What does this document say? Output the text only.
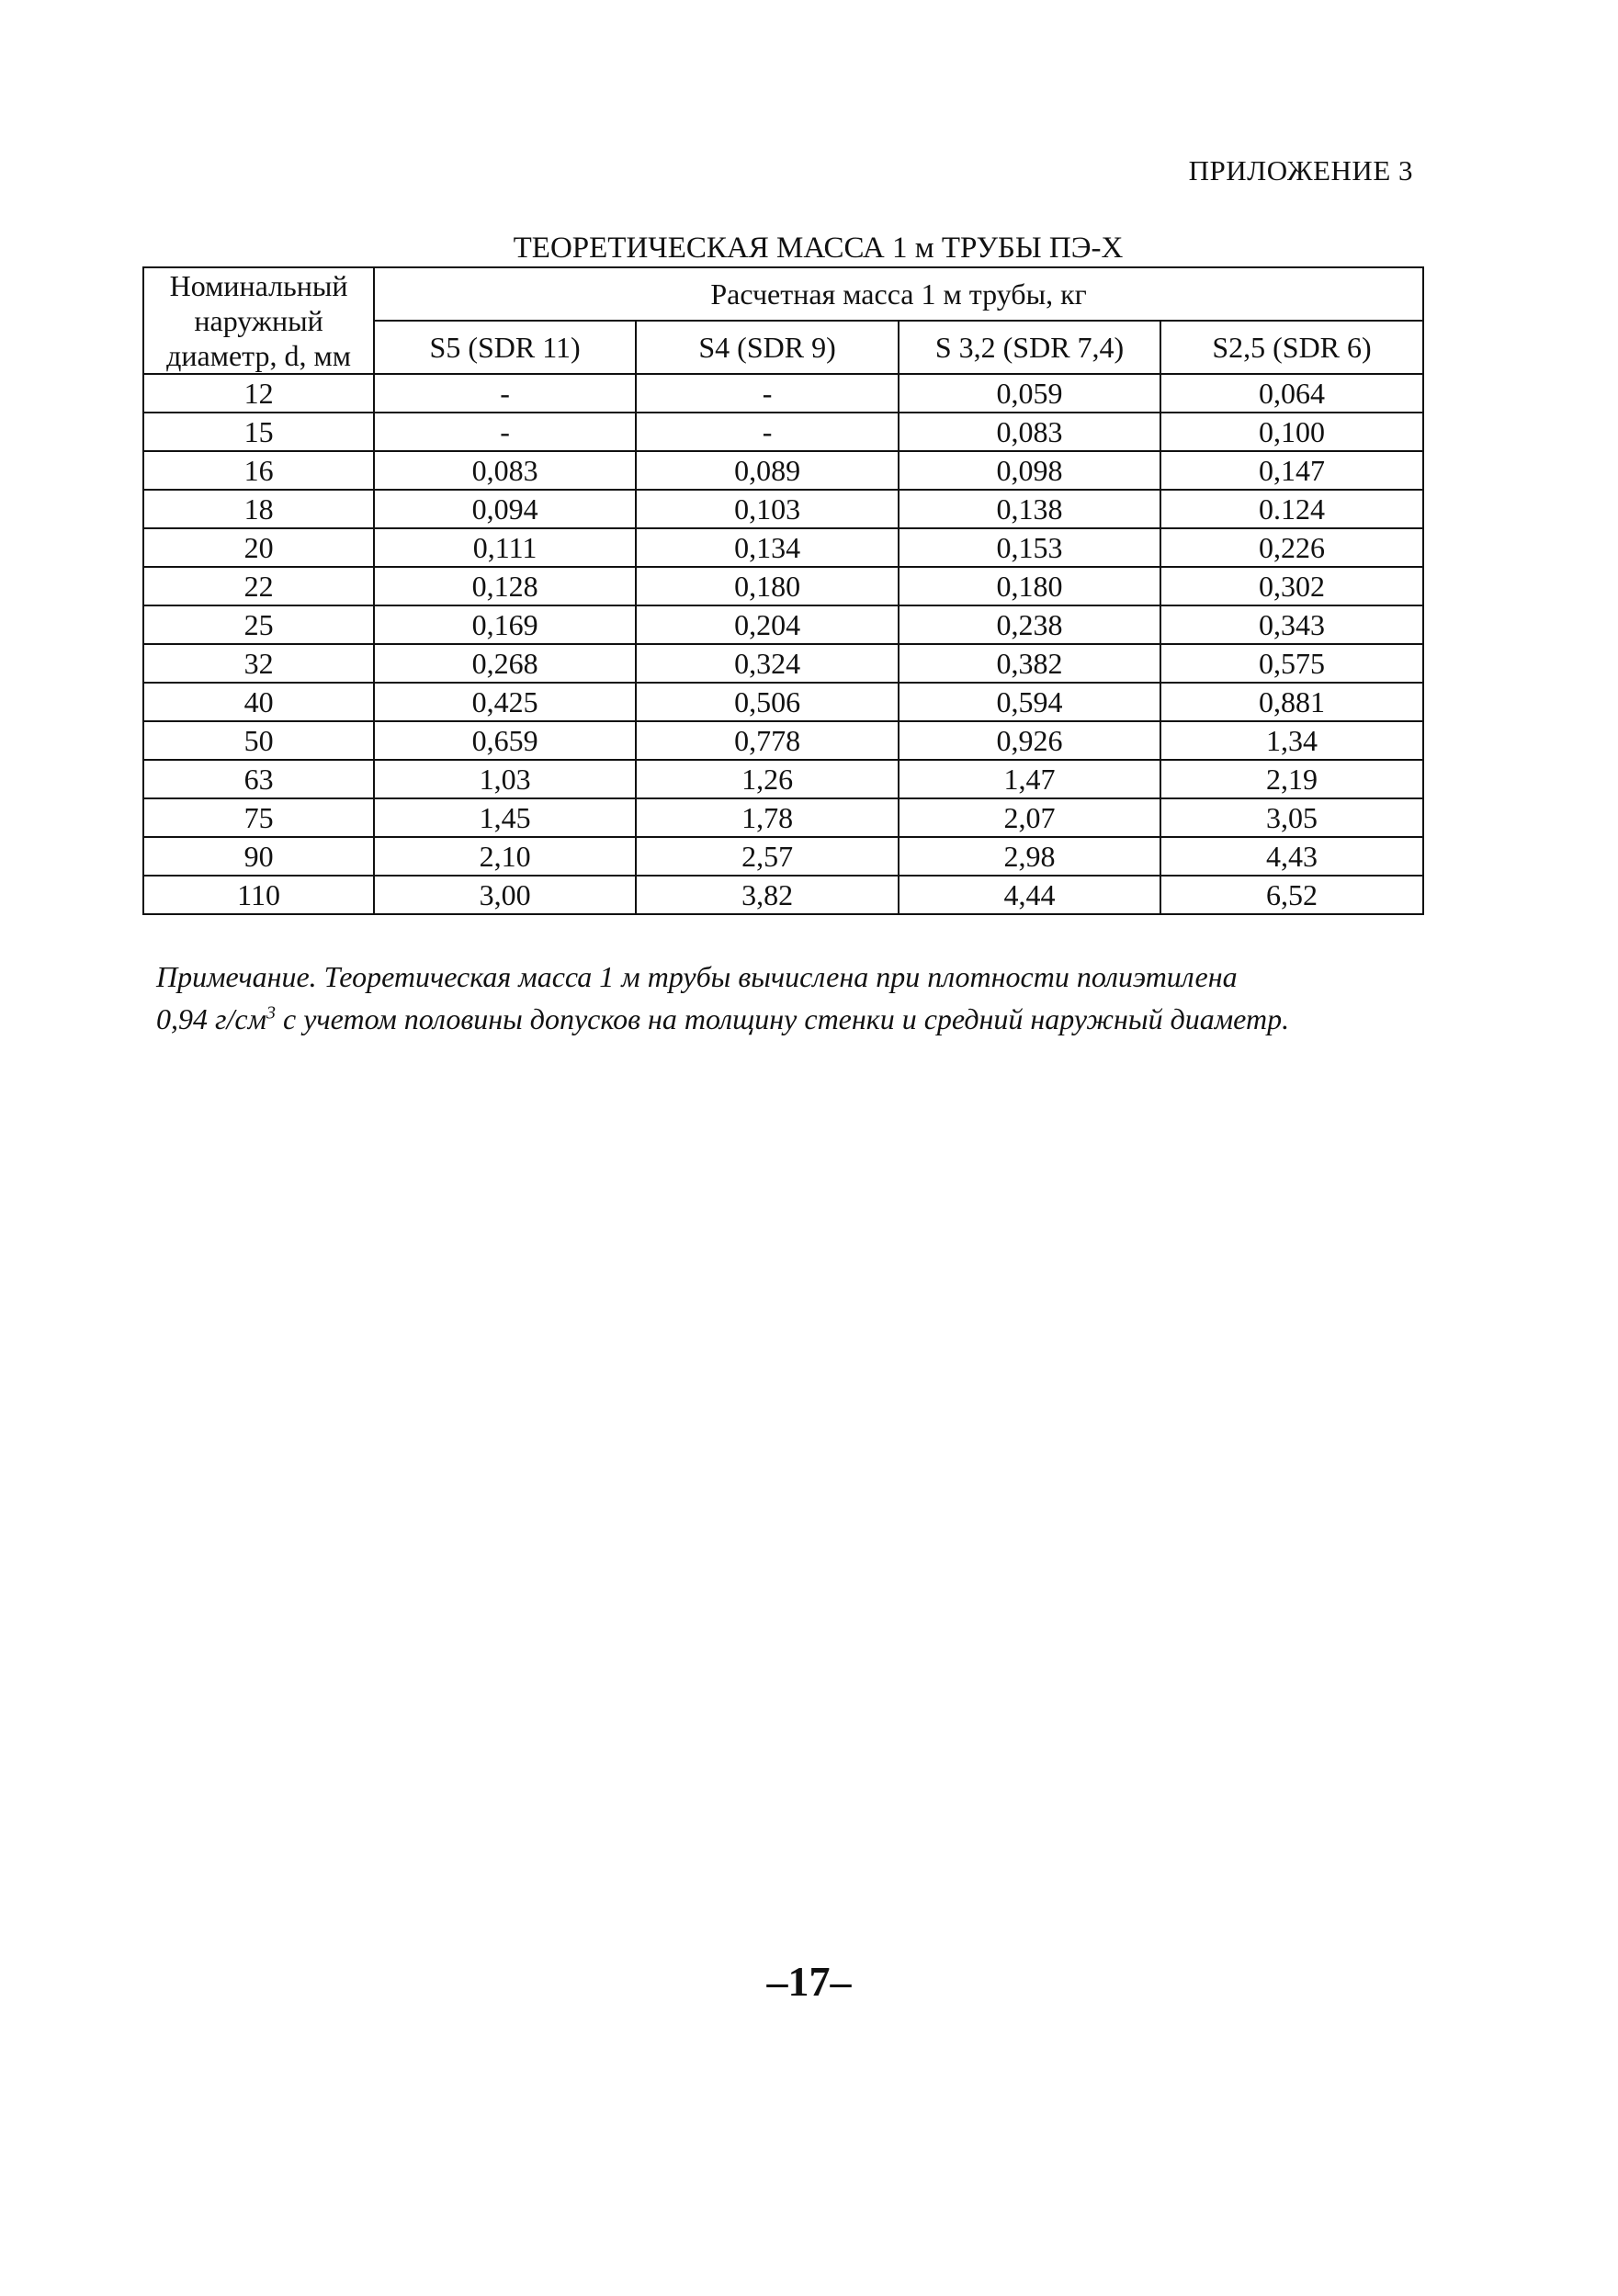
ПРИЛОЖЕНИЕ 3
ТЕОРЕТИЧЕСКАЯ МАССА 1 м ТРУБЫ ПЭ-Х
Номинальный наружный диаметр, d, мм	Расчетная масса 1 м трубы, кг			
	S5 (SDR 11)	S4 (SDR 9)	S 3,2 (SDR 7,4)	S2,5 (SDR 6)
12	-	-	0,059	0,064
15	-	-	0,083	0,100
16	0,083	0,089	0,098	0,147
18	0,094	0,103	0,138	0.124
20	0,111	0,134	0,153	0,226
22	0,128	0,180	0,180	0,302
25	0,169	0,204	0,238	0,343
32	0,268	0,324	0,382	0,575
40	0,425	0,506	0,594	0,881
50	0,659	0,778	0,926	1,34
63	1,03	1,26	1,47	2,19
75	1,45	1,78	2,07	3,05
90	2,10	2,57	2,98	4,43
110	3,00	3,82	4,44	6,52
Примечание. Теоретическая масса 1 м трубы вычислена при плотности полиэтилена
0,94 $г/см^3$ с учетом половины допусков на толщину стенки и средний наружный диаметр.
–17–
